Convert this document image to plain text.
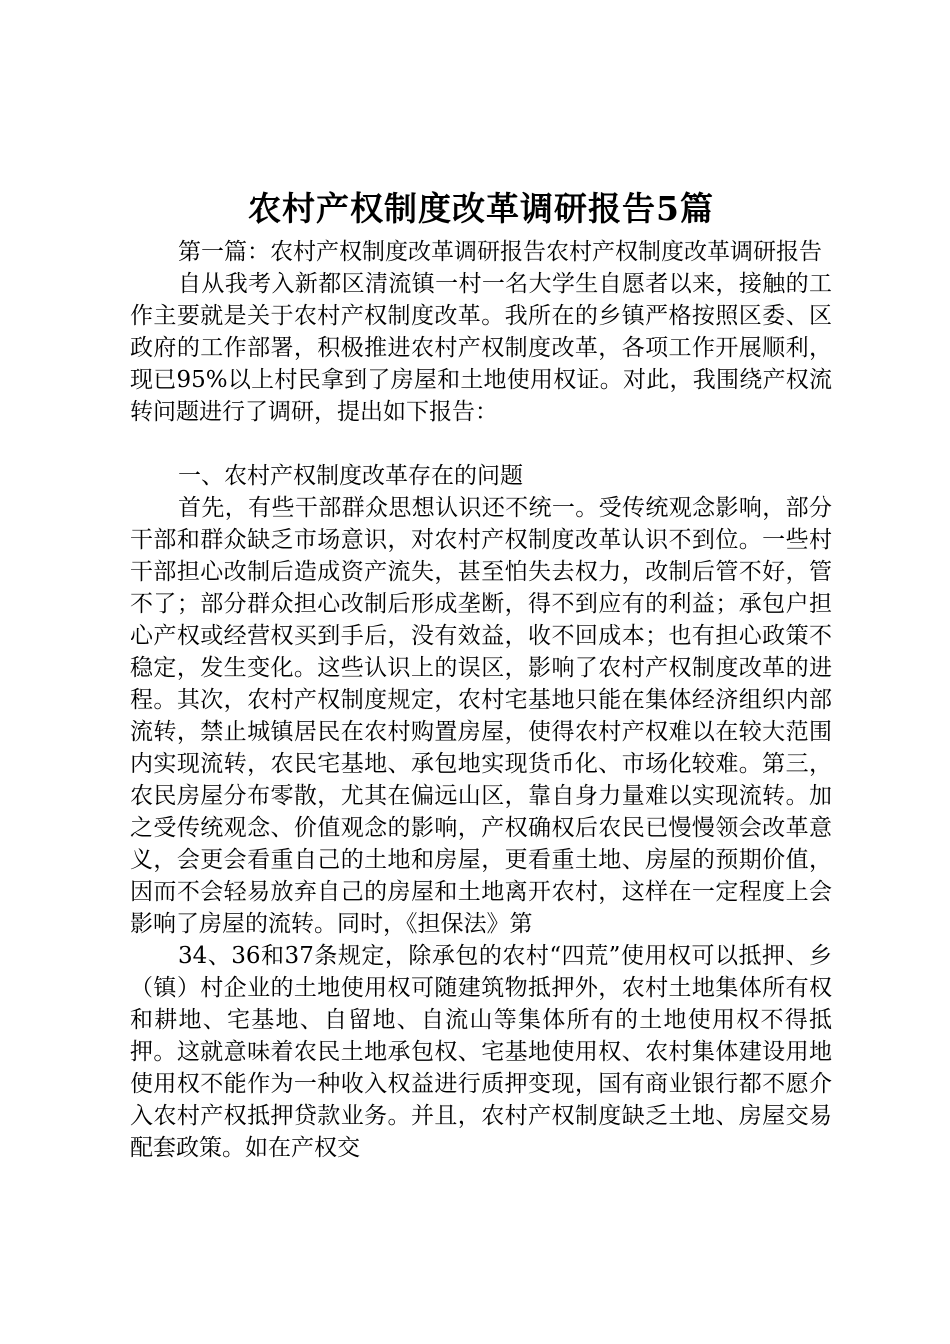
农村产权制度改革调研报告5篇

第一篇：农村产权制度改革调研报告农村产权制度改革调研报告

自从我考入新都区清流镇一村一名大学生自愿者以来，接触的工作主要就是关于农村产权制度改革。我所在的乡镇严格按照区委、区政府的工作部署，积极推进农村产权制度改革，各项工作开展顺利，现已95%以上村民拿到了房屋和土地使用权证。对此，我围绕产权流转问题进行了调研，提出如下报告：

一、农村产权制度改革存在的问题

首先，有些干部群众思想认识还不统一。受传统观念影响，部分干部和群众缺乏市场意识，对农村产权制度改革认识不到位。一些村干部担心改制后造成资产流失，甚至怕失去权力，改制后管不好，管不了；部分群众担心改制后形成垄断，得不到应有的利益；承包户担心产权或经营权买到手后，没有效益，收不回成本；也有担心政策不稳定，发生变化。这些认识上的误区，影响了农村产权制度改革的进程。其次，农村产权制度规定，农村宅基地只能在集体经济组织内部流转，禁止城镇居民在农村购置房屋，使得农村产权难以在较大范围内实现流转，农民宅基地、承包地实现货币化、市场化较难。第三，农民房屋分布零散，尤其在偏远山区，靠自身力量难以实现流转。加之受传统观念、价值观念的影响，产权确权后农民已慢慢领会改革意义，会更会看重自己的土地和房屋，更看重土地、房屋的预期价值，因而不会轻易放弃自己的房屋和土地离开农村，这样在一定程度上会影响了房屋的流转。同时，《担保法》第

34、36和37条规定，除承包的农村“四荒”使用权可以抵押、乡（镇）村企业的土地使用权可随建筑物抵押外，农村土地集体所有权和耕地、宅基地、自留地、自流山等集体所有的土地使用权不得抵押。这就意味着农民土地承包权、宅基地使用权、农村集体建设用地使用权不能作为一种收入权益进行质押变现，国有商业银行都不愿介入农村产权抵押贷款业务。并且，农村产权制度缺乏土地、房屋交易配套政策。如在产权交
